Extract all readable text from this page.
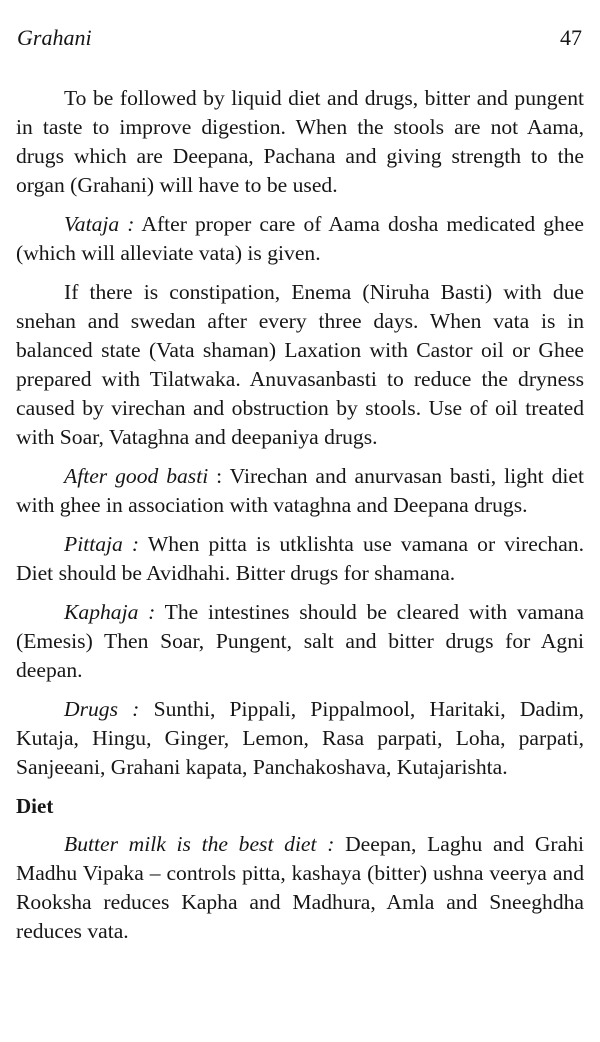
Grahani	47

To be followed by liquid diet and drugs, bitter and pungent in taste to improve digestion. When the stools are not Aama, drugs which are Deepana, Pachana and giving strength to the organ (Grahani) will have to be used.

Vataja : After proper care of Aama dosha medicated ghee (which will alleviate vata) is given.

If there is constipation, Enema (Niruha Basti) with due snehan and swedan after every three days. When vata is in balanced state (Vata shaman) Laxation with Castor oil or Ghee prepared with Tilatwaka. Anuvasanbasti to reduce the dryness caused by virechan and obstruction by stools. Use of oil treated with Soar, Vataghna and deepaniya drugs.

After good basti : Virechan and anurvasan basti, light diet with ghee in association with vataghna and Deepana drugs.

Pittaja : When pitta is utklishta use vamana or virechan. Diet should be Avidhahi. Bitter drugs for shamana.

Kaphaja : The intestines should be cleared with vamana (Emesis) Then Soar, Pungent, salt and bitter drugs for Agni deepan.

Drugs : Sunthi, Pippali, Pippalmool, Haritaki, Dadim, Kutaja, Hingu, Ginger, Lemon, Rasa parpati, Loha, parpati, Sanjeeani, Grahani kapata, Panchakoshava, Kutajarishta.

Diet

Butter milk is the best diet : Deepan, Laghu and Grahi Madhu Vipaka – controls pitta, kashaya (bitter) ushna veerya and Rooksha reduces Kapha and Madhura, Amla and Sneeghdha reduces vata.
